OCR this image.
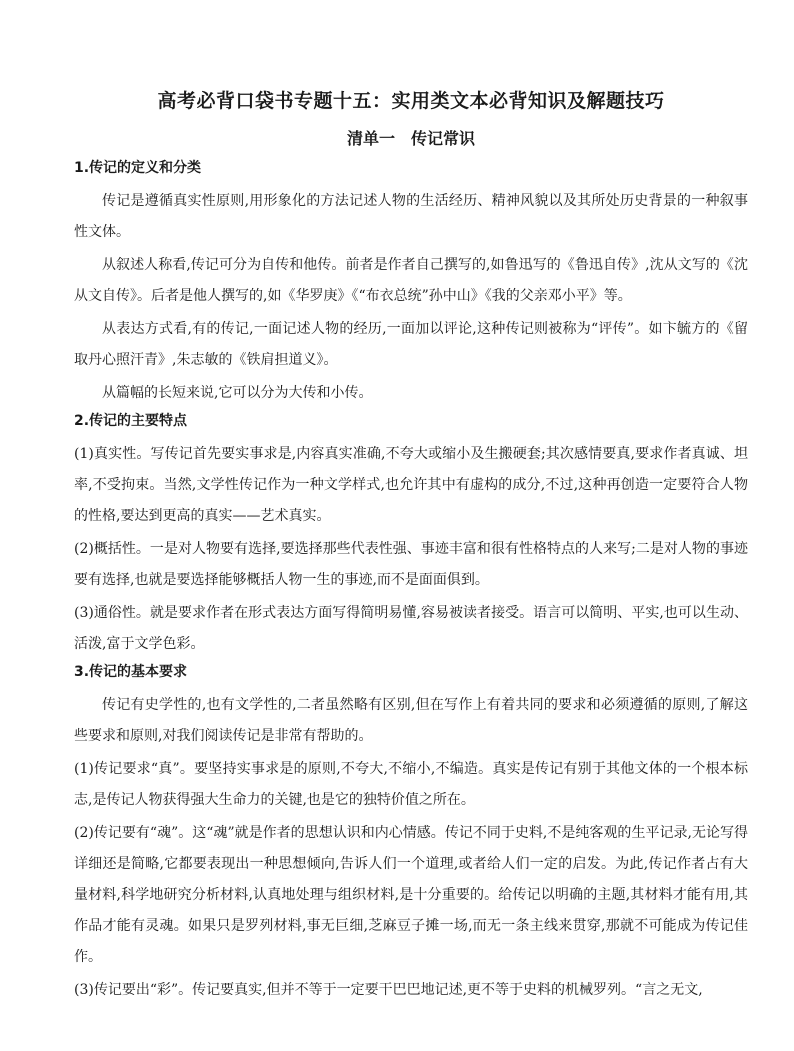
高考必背口袋书专题十五：实用类文本必背知识及解题技巧
清单一　传记常识
1.传记的定义和分类
传记是遵循真实性原则,用形象化的方法记述人物的生活经历、精神风貌以及其所处历史背景的一种叙事性文体。
从叙述人称看,传记可分为自传和他传。前者是作者自己撰写的,如鲁迅写的《鲁迅自传》,沈从文写的《沈从文自传》。后者是他人撰写的,如《华罗庚》《“布衣总统”孙中山》《我的父亲邓小平》等。
从表达方式看,有的传记,一面记述人物的经历,一面加以评论,这种传记则被称为“评传”。如卞毓方的《留取丹心照汗青》,朱志敏的《铁肩担道义》。
从篇幅的长短来说,它可以分为大传和小传。
2.传记的主要特点
(1)真实性。写传记首先要实事求是,内容真实准确,不夸大或缩小及生搬硬套;其次感情要真,要求作者真诚、坦率,不受拘束。当然,文学性传记作为一种文学样式,也允许其中有虚构的成分,不过,这种再创造一定要符合人物的性格,要达到更高的真实——艺术真实。
(2)概括性。一是对人物要有选择,要选择那些代表性强、事迹丰富和很有性格特点的人来写;二是对人物的事迹要有选择,也就是要选择能够概括人物一生的事迹,而不是面面俱到。
(3)通俗性。就是要求作者在形式表达方面写得简明易懂,容易被读者接受。语言可以简明、平实,也可以生动、活泼,富于文学色彩。
3.传记的基本要求
传记有史学性的,也有文学性的,二者虽然略有区别,但在写作上有着共同的要求和必须遵循的原则,了解这些要求和原则,对我们阅读传记是非常有帮助的。
(1)传记要求“真”。要坚持实事求是的原则,不夸大,不缩小,不编造。真实是传记有别于其他文体的一个根本标志,是传记人物获得强大生命力的关键,也是它的独特价值之所在。
(2)传记要有“魂”。这“魂”就是作者的思想认识和内心情感。传记不同于史料,不是纯客观的生平记录,无论写得详细还是简略,它都要表现出一种思想倾向,告诉人们一个道理,或者给人们一定的启发。为此,传记作者占有大量材料,科学地研究分析材料,认真地处理与组织材料,是十分重要的。给传记以明确的主题,其材料才能有用,其作品才能有灵魂。如果只是罗列材料,事无巨细,芝麻豆子摊一场,而无一条主线来贯穿,那就不可能成为传记佳作。
(3)传记要出“彩”。传记要真实,但并不等于一定要干巴巴地记述,更不等于史料的机械罗列。“言之无文,
